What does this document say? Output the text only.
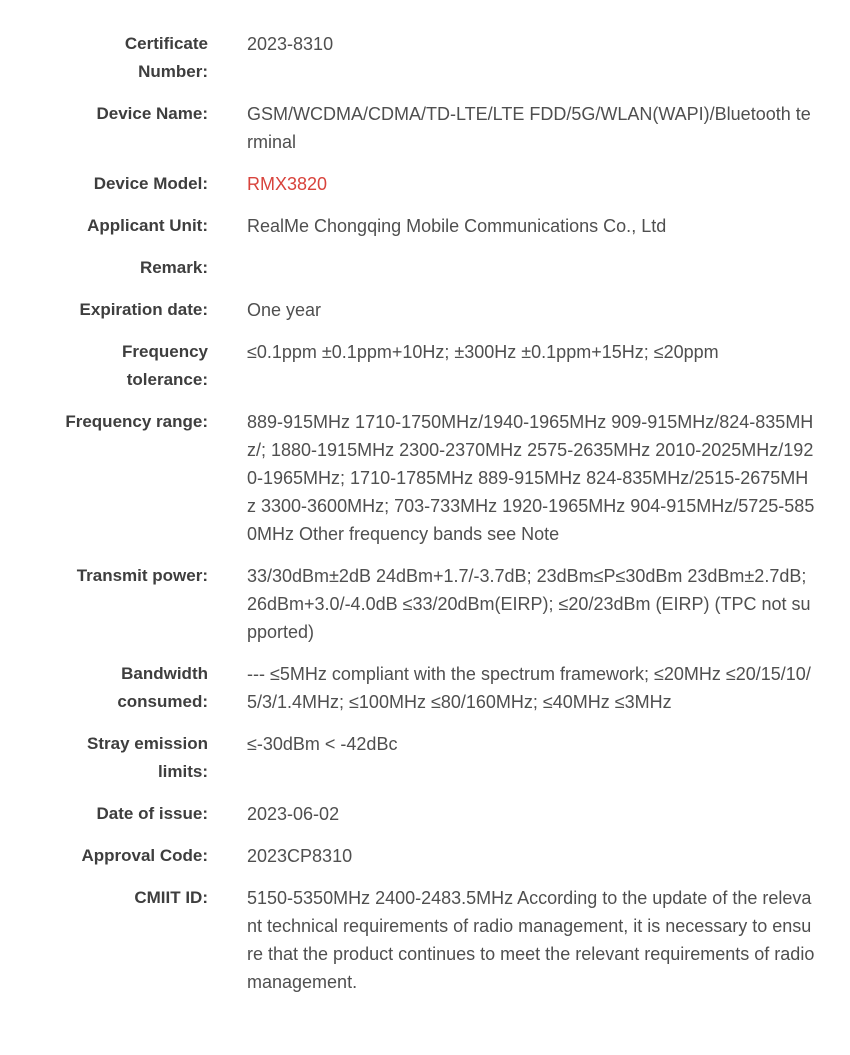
Certificate Number:
2023-8310
Device Name: GSM/WCDMA/CDMA/TD-LTE/LTE FDD/5G/WLAN(WAPI)/Bluetooth terminal
Device Model: RMX3820
Applicant Unit: RealMe Chongqing Mobile Communications Co., Ltd
Remark:
Expiration date: One year
Frequency tolerance:
≤0.1ppm ±0.1ppm+10Hz; ±300Hz ±0.1ppm+15Hz; ≤20ppm
Frequency range: 889-915MHz 1710-1750MHz/1940-1965MHz 909-915MHz/824-835MHz/; 1880-1915MHz 2300-2370MHz 2575-2635MHz 2010-2025MHz/1920-1965MHz; 1710-1785MHz 889-915MHz 824-835MHz/2515-2675MHz 3300-3600MHz; 703-733MHz 1920-1965MHz 904-915MHz/5725-5850MHz Other frequency bands see Note
Transmit power: 33/30dBm±2dB 24dBm+1.7/-3.7dB; 23dBm≤P≤30dBm 23dBm±2.7dB; 26dBm+3.0/-4.0dB ≤33/20dBm(EIRP); ≤20/23dBm (EIRP) (TPC not supported)
Bandwidth consumed:
--- ≤5MHz compliant with the spectrum framework; ≤20MHz ≤20/15/10/5/3/1.4MHz; ≤100MHz ≤80/160MHz; ≤40MHz ≤3MHz
Stray emission limits:
≤-30dBm < -42dBc
Date of issue: 2023-06-02
Approval Code: 2023CP8310
CMIIT ID: 5150-5350MHz 2400-2483.5MHz According to the update of the relevant technical requirements of radio management, it is necessary to ensure that the product continues to meet the relevant requirements of radio management.
